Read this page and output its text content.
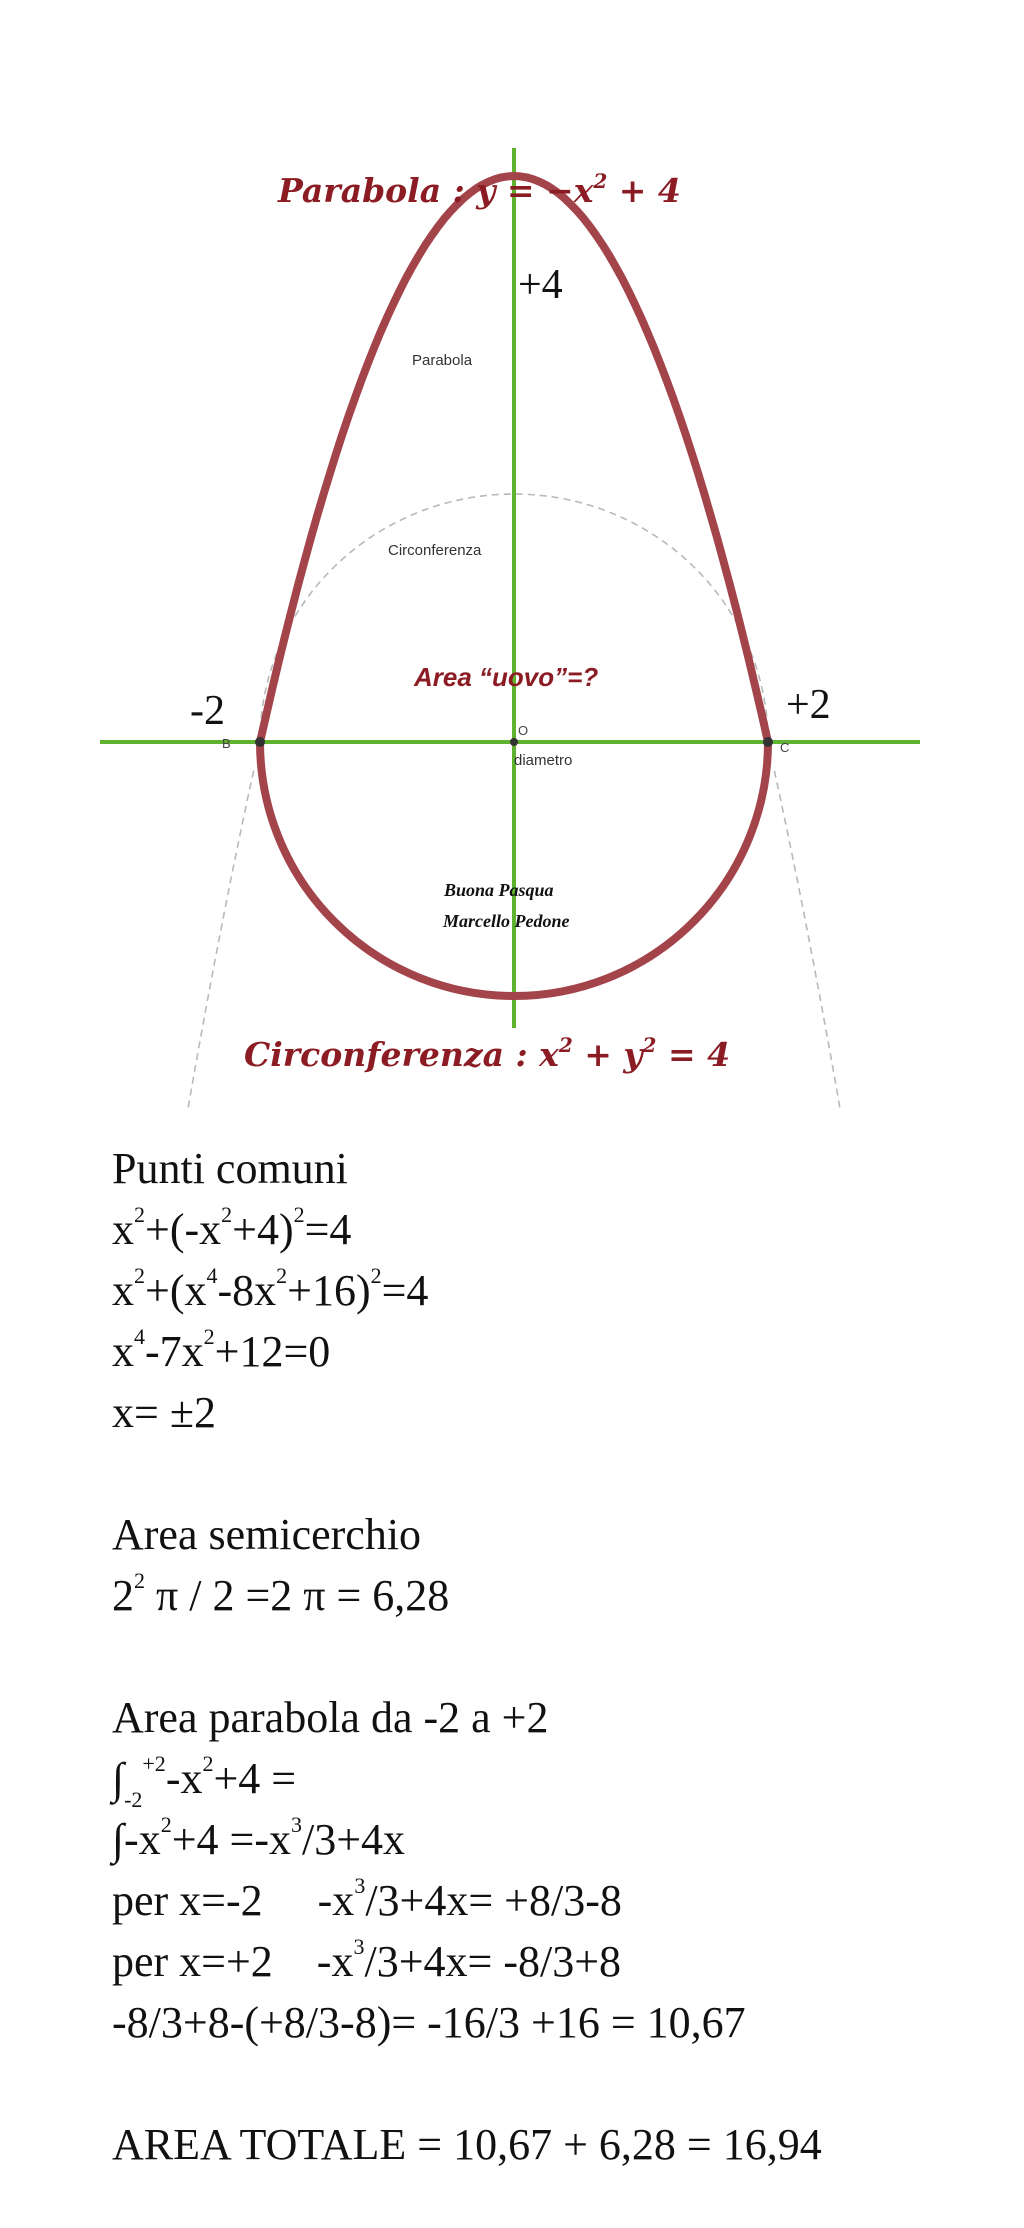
Parabola : $y = -x^2 + 4$
Circonferenza : $x^2 + y^2 = 4$
+4
-2	+2
Parabola
Circonferenza
Area “uovo”=?
O
B	C
diametro
Buona Pasqua
Marcello Pedone
Punti comuni
$x^2+(-x^2+4)^2=4$
$x^2+(x^4-8x^2+16)^2=4$
$x^4-7x^2+12=0$
x= ±2
Area semicerchio
$2^2$ π / 2 =2 π = 6,28
Area parabola da -2 a +2
$\int_{-2}^{+2}-x^2+4$ =
$\int-x^2+4 =-x^3/3+4x$
per x=-2     $-x^3/3+4x= +8/3-8$
per x=+2    $-x^3/3+4x= -8/3+8$
-8/3+8-(+8/3-8)= -16/3 +16 = 10,67
AREA TOTALE = 10,67 + 6,28 = 16,94
